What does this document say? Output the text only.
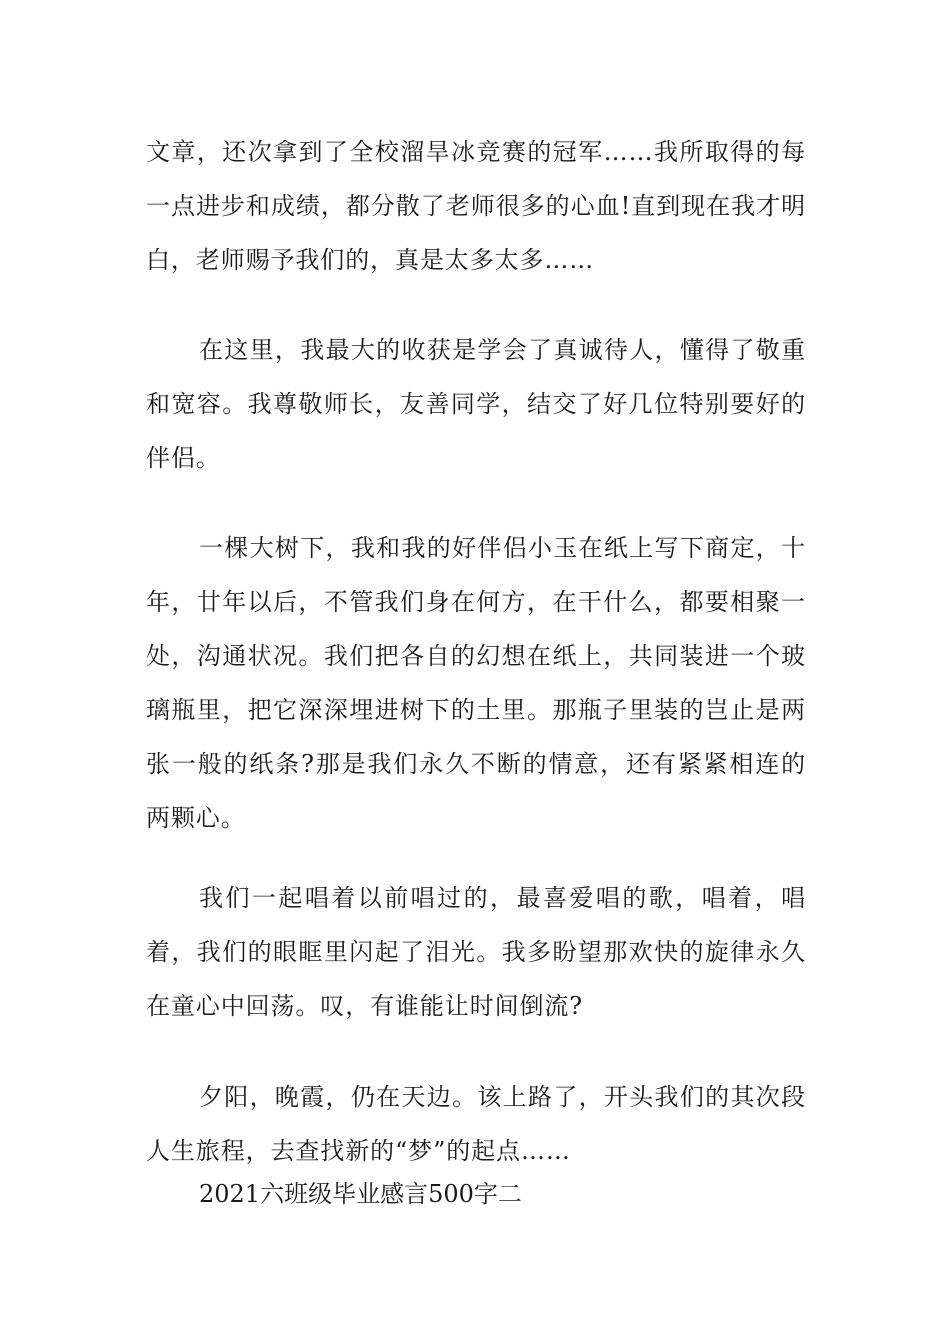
文章，还次拿到了全校溜旱冰竞赛的冠军……我所取得的每一点进步和成绩，都分散了老师很多的心血!直到现在我才明白，老师赐予我们的，真是太多太多……

在这里，我最大的收获是学会了真诚待人，懂得了敬重和宽容。我尊敬师长，友善同学，结交了好几位特别要好的伴侣。

一棵大树下，我和我的好伴侣小玉在纸上写下商定，十年，廿年以后，不管我们身在何方，在干什么，都要相聚一处，沟通状况。我们把各自的幻想在纸上，共同装进一个玻璃瓶里，把它深深埋进树下的土里。那瓶子里装的岂止是两张一般的纸条?那是我们永久不断的情意，还有紧紧相连的两颗心。

我们一起唱着以前唱过的，最喜爱唱的歌，唱着，唱着，我们的眼眶里闪起了泪光。我多盼望那欢快的旋律永久在童心中回荡。叹，有谁能让时间倒流?

夕阳，晚霞，仍在天边。该上路了，开头我们的其次段人生旅程，去查找新的“梦”的起点……

2021六班级毕业感言500字二
